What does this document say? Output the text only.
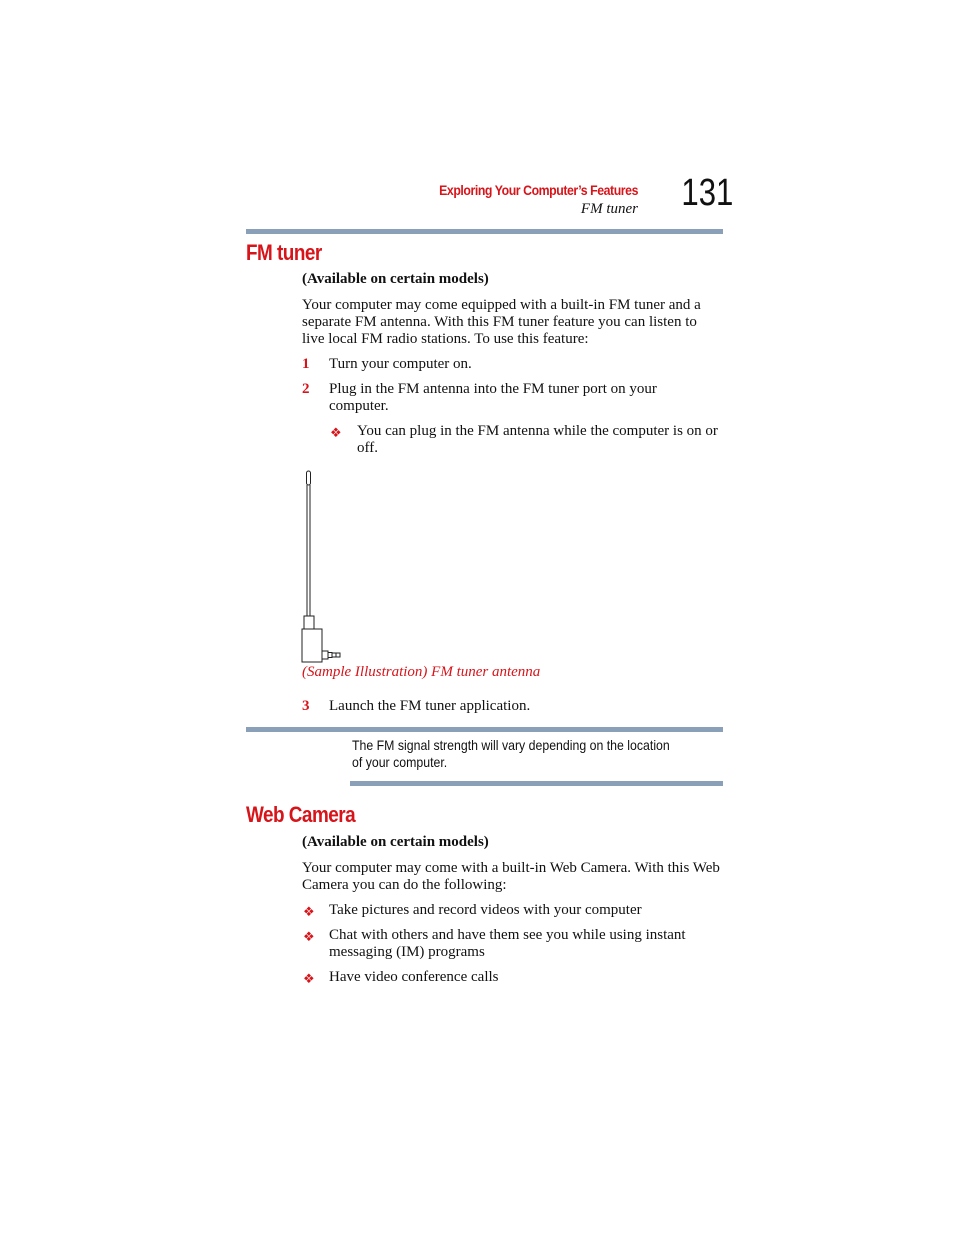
Exploring Your Computer’s Features
FM tuner 131
FM tuner
(Available on certain models)
Your computer may come equipped with a built-in FM tuner and a separate FM antenna. With this FM tuner feature you can listen to live local FM radio stations. To use this feature:
1	Turn your computer on.
2	Plug in the FM antenna into the FM tuner port on your computer.
❖ You can plug in the FM antenna while the computer is on or off.
(Sample Illustration) FM tuner antenna
3	Launch the FM tuner application.
The FM signal strength will vary depending on the location of your computer.
Web Camera
(Available on certain models)
Your computer may come with a built-in Web Camera. With this Web Camera you can do the following:
❖ Take pictures and record videos with your computer
❖ Chat with others and have them see you while using instant messaging (IM) programs
❖ Have video conference calls
